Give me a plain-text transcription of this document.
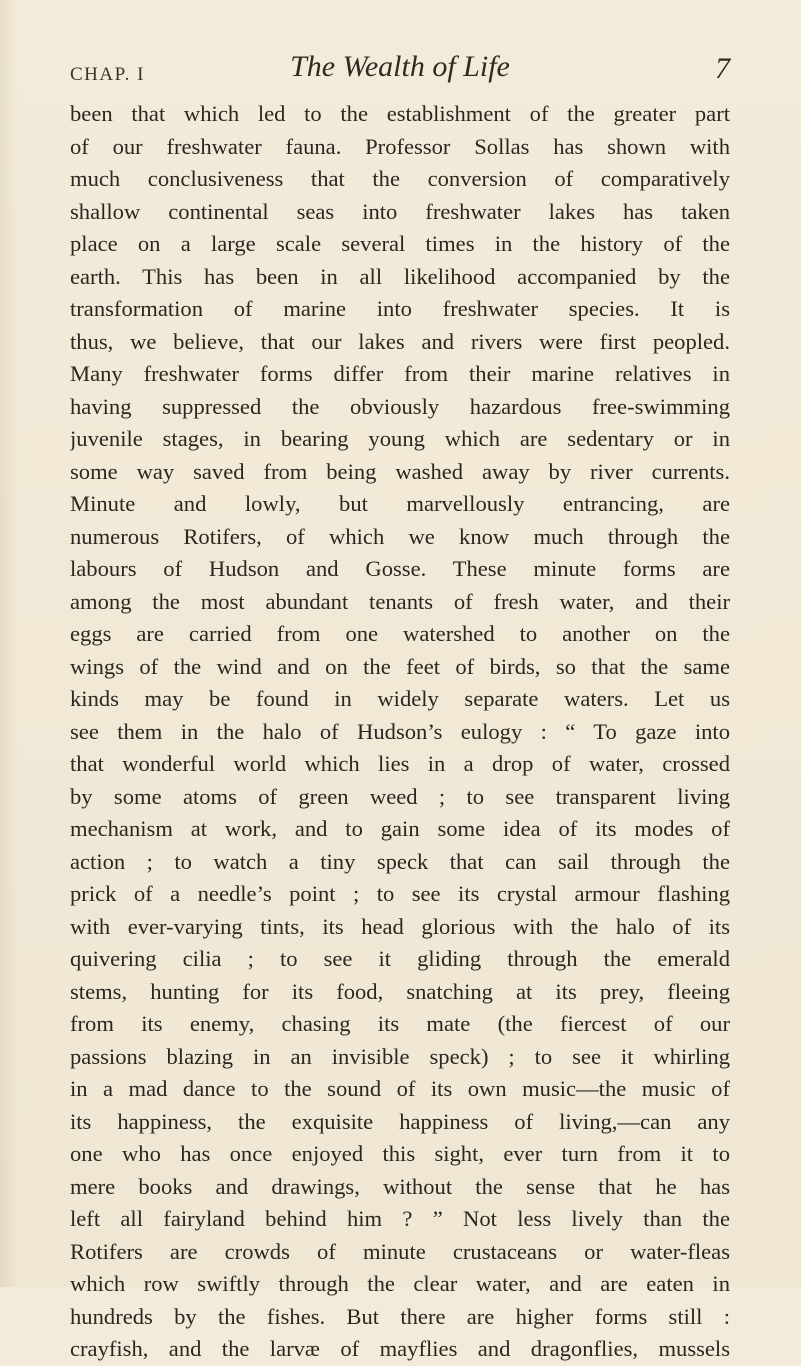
CHAP. I	The Wealth of Life	7
been that which led to the establishment of the greater part
of our freshwater fauna. Professor Sollas has shown with
much conclusiveness that the conversion of comparatively
shallow continental seas into freshwater lakes has taken
place on a large scale several times in the history of the
earth. This has been in all likelihood accompanied by the
transformation of marine into freshwater species. It is
thus, we believe, that our lakes and rivers were first peopled.
Many freshwater forms differ from their marine relatives in
having suppressed the obviously hazardous free-swimming
juvenile stages, in bearing young which are sedentary or in
some way saved from being washed away by river currents.
Minute and lowly, but marvellously entrancing, are
numerous Rotifers, of which we know much through the
labours of Hudson and Gosse. These minute forms are
among the most abundant tenants of fresh water, and their
eggs are carried from one watershed to another on the
wings of the wind and on the feet of birds, so that the same
kinds may be found in widely separate waters. Let us
see them in the halo of Hudson’s eulogy : “ To gaze into
that wonderful world which lies in a drop of water, crossed
by some atoms of green weed ; to see transparent living
mechanism at work, and to gain some idea of its modes of
action ; to watch a tiny speck that can sail through the
prick of a needle’s point ; to see its crystal armour flashing
with ever-varying tints, its head glorious with the halo of its
quivering cilia ; to see it gliding through the emerald
stems, hunting for its food, snatching at its prey, fleeing
from its enemy, chasing its mate (the fiercest of our
passions blazing in an invisible speck) ; to see it whirling
in a mad dance to the sound of its own music—the music of
its happiness, the exquisite happiness of living,—can any
one who has once enjoyed this sight, ever turn from it to
mere books and drawings, without the sense that he has
left all fairyland behind him ? ” Not less lively than the
Rotifers are crowds of minute crustaceans or water-fleas
which row swiftly through the clear water, and are eaten in
hundreds by the fishes. But there are higher forms still :
crayfish, and the larvæ of mayflies and dragonflies, mussels
